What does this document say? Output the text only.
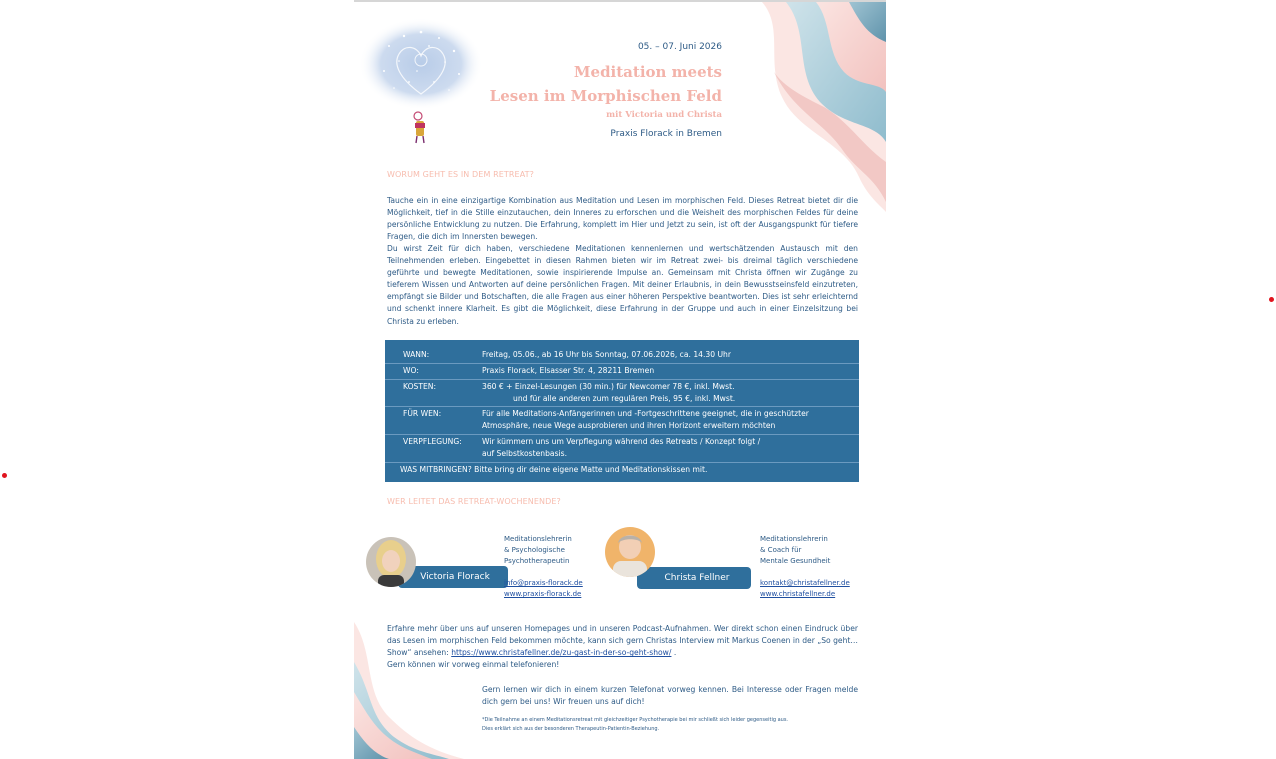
05. – 07. Juni 2026

Meditation meets
Lesen im Morphischen Feld

mit Victoria und Christa

Praxis Florack in Bremen

WORUM GEHT ES IN DEM RETREAT?

Tauche ein in eine einzigartige Kombination aus Meditation und Lesen im morphischen Feld. Dieses Retreat bietet dir die Möglichkeit, tief in die Stille einzutauchen, dein Inneres zu erforschen und die Weisheit des morphischen Feldes für deine persönliche Entwicklung zu nutzen. Die Erfahrung, komplett im Hier und Jetzt zu sein, ist oft der Ausgangspunkt für tiefere Fragen, die dich im Innersten bewegen.

Du wirst Zeit für dich haben, verschiedene Meditationen kennenlernen und wertschätzenden Austausch mit den Teilnehmenden erleben. Eingebettet in diesen Rahmen bieten wir im Retreat zwei- bis dreimal täglich verschiedene geführte und bewegte Meditationen, sowie inspirierende Impulse an. Gemeinsam mit Christa öffnen wir Zugänge zu tieferem Wissen und Antworten auf deine persönlichen Fragen. Mit deiner Erlaubnis, in dein Bewusstseinsfeld einzutreten, empfängt sie Bilder und Botschaften, die alle Fragen aus einer höheren Perspektive beantworten. Dies ist sehr erleichternd und schenkt innere Klarheit. Es gibt die Möglichkeit, diese Erfahrung in der Gruppe und auch in einer Einzelsitzung bei Christa zu erleben.

WANN:	Freitag, 05.06., ab 16 Uhr bis Sonntag, 07.06.2026, ca. 14.30 Uhr
WO:	Praxis Florack, Elsasser Str. 4, 28211 Bremen
KOSTEN:	360 € + Einzel-Lesungen (30 min.) für Newcomer 78 €, inkl. Mwst.
und für alle anderen zum regulären Preis, 95 €, inkl. Mwst.
FÜR WEN:	Für alle Meditations-Anfängerinnen und -Fortgeschrittene geeignet, die in geschützter
Atmosphäre, neue Wege ausprobieren und ihren Horizont erweitern möchten
VERPFLEGUNG:	Wir kümmern uns um Verpflegung während des Retreats / Konzept folgt /
auf Selbstkostenbasis.
WAS MITBRINGEN? Bitte bring dir deine eigene Matte und Meditationskissen mit.

WER LEITET DAS RETREAT-WOCHENENDE?

Victoria Florack
Meditationslehrerin
& Psychologische
Psychotherapeutin
info@praxis-florack.de
www.praxis-florack.de
Christa Fellner
Meditationslehrerin
& Coach für
Mentale Gesundheit
kontakt@christafellner.de
www.christafellner.de

Erfahre mehr über uns auf unseren Homepages und in unseren Podcast-Aufnahmen. Wer direkt schon einen Eindruck über das Lesen im morphischen Feld bekommen möchte, kann sich gern Christas Interview mit Markus Coenen in der „So geht… Show“ ansehen: https://www.christafellner.de/zu-gast-in-der-so-geht-show/ .

Gern können wir vorweg einmal telefonieren!

Gern lernen wir dich in einem kurzen Telefonat vorweg kennen. Bei Interesse oder Fragen melde dich gern bei uns! Wir freuen uns auf dich!

*Die Teilnahme an einem Meditationsretreat mit gleichzeitiger Psychotherapie bei mir schließt sich leider gegenseitig aus.
Dies erklärt sich aus der besonderen Therapeutin-Patientin-Beziehung.
